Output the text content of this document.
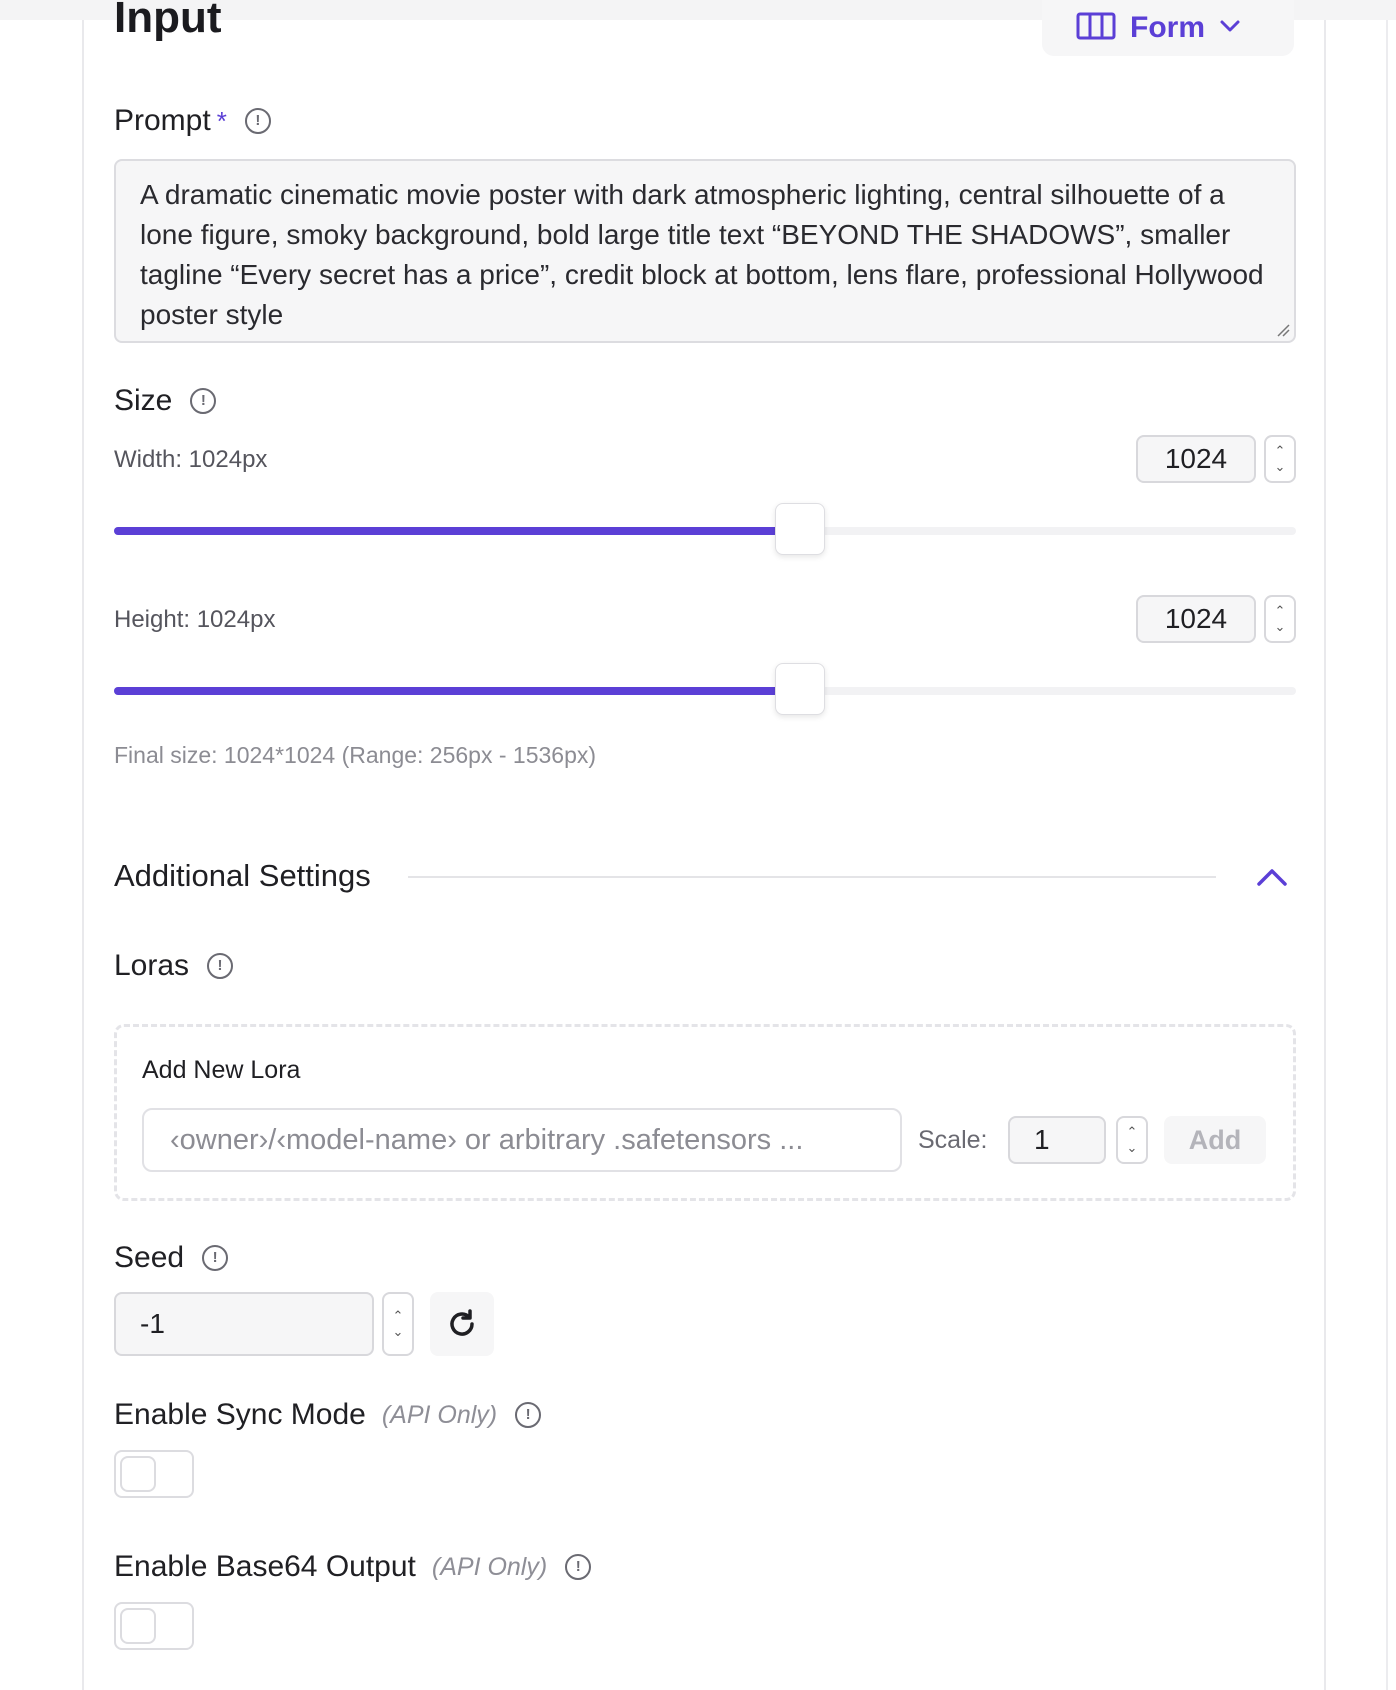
Input	Form
Prompt *	!
A dramatic cinematic movie poster with dark atmospheric lighting, central silhouette of a lone figure, smoky background, bold large title text “BEYOND THE SHADOWS”, smaller tagline “Every secret has a price”, credit block at bottom, lens flare, professional Hollywood poster style
Size	!
Width: 1024px	1024	⌃
⌄
Height: 1024px	1024	⌃
⌄
Final size: 1024*1024 (Range: 256px - 1536px)
Additional Settings
Loras	!
Add New Lora
‹owner›/‹model-name› or arbitrary .safetensors ...	Scale:	1	⌃
⌄	Add
Seed	!
-1	⌃
⌄
Enable Sync Mode (API Only)	!
Enable Base64 Output (API Only)	!
